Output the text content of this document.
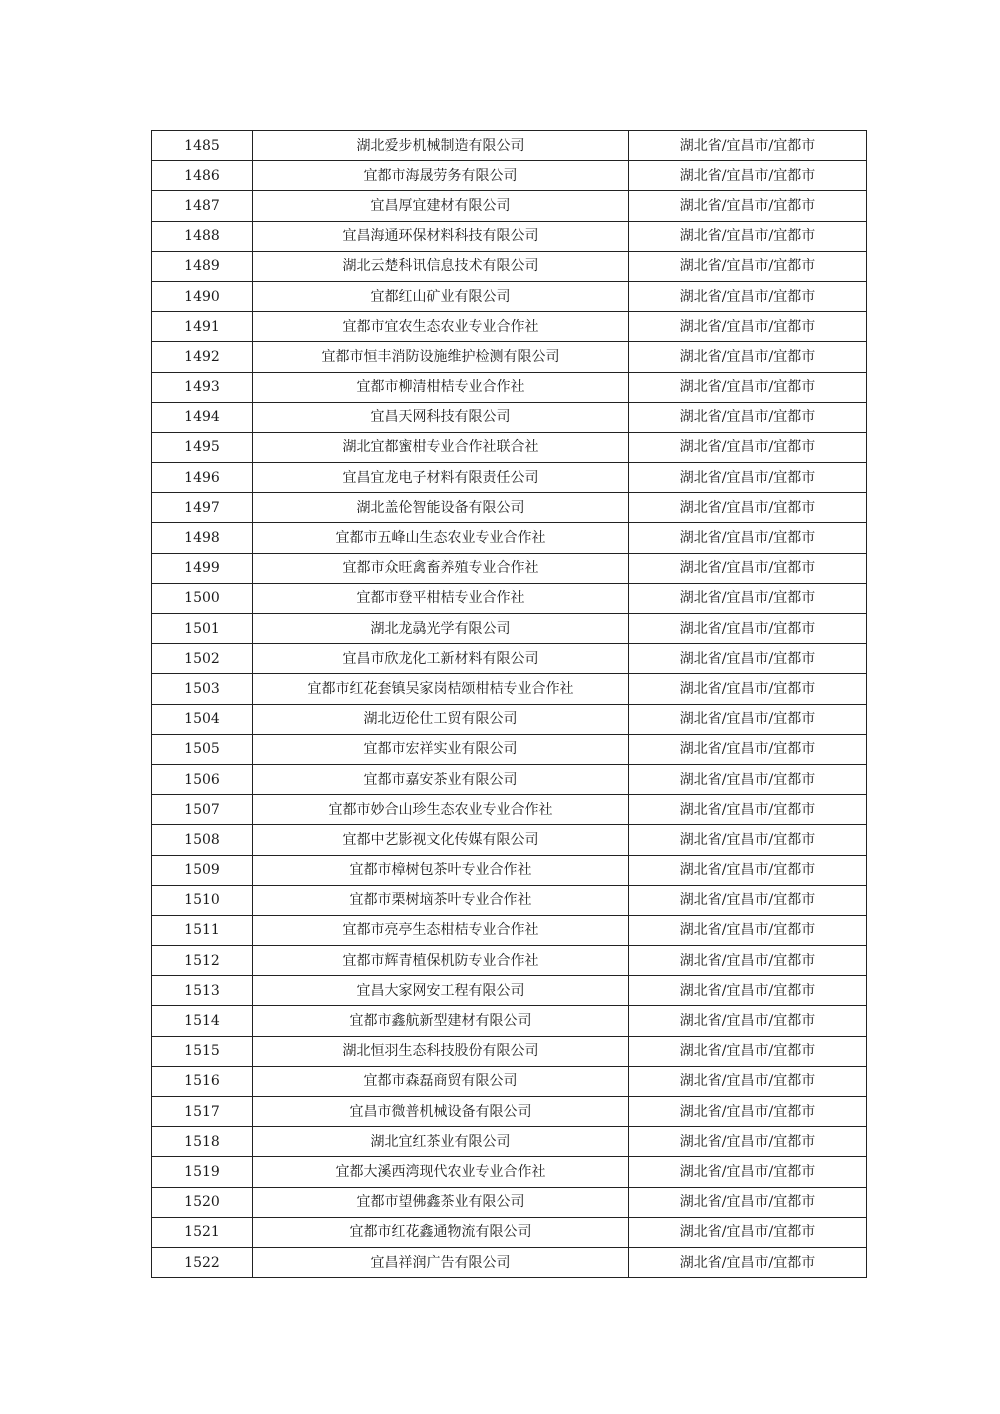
1485	湖北爱步机械制造有限公司	湖北省/宜昌市/宜都市
1486	宜都市海晟劳务有限公司	湖北省/宜昌市/宜都市
1487	宜昌厚宜建材有限公司	湖北省/宜昌市/宜都市
1488	宜昌海通环保材料科技有限公司	湖北省/宜昌市/宜都市
1489	湖北云楚科讯信息技术有限公司	湖北省/宜昌市/宜都市
1490	宜都红山矿业有限公司	湖北省/宜昌市/宜都市
1491	宜都市宜农生态农业专业合作社	湖北省/宜昌市/宜都市
1492	宜都市恒丰消防设施维护检测有限公司	湖北省/宜昌市/宜都市
1493	宜都市柳清柑桔专业合作社	湖北省/宜昌市/宜都市
1494	宜昌天网科技有限公司	湖北省/宜昌市/宜都市
1495	湖北宜都蜜柑专业合作社联合社	湖北省/宜昌市/宜都市
1496	宜昌宜龙电子材料有限责任公司	湖北省/宜昌市/宜都市
1497	湖北盖伦智能设备有限公司	湖北省/宜昌市/宜都市
1498	宜都市五峰山生态农业专业合作社	湖北省/宜昌市/宜都市
1499	宜都市众旺禽畜养殖专业合作社	湖北省/宜昌市/宜都市
1500	宜都市登平柑桔专业合作社	湖北省/宜昌市/宜都市
1501	湖北龙骉光学有限公司	湖北省/宜昌市/宜都市
1502	宜昌市欣龙化工新材料有限公司	湖北省/宜昌市/宜都市
1503	宜都市红花套镇吴家岗桔颂柑桔专业合作社	湖北省/宜昌市/宜都市
1504	湖北迈伦仕工贸有限公司	湖北省/宜昌市/宜都市
1505	宜都市宏祥实业有限公司	湖北省/宜昌市/宜都市
1506	宜都市嘉安茶业有限公司	湖北省/宜昌市/宜都市
1507	宜都市妙合山珍生态农业专业合作社	湖北省/宜昌市/宜都市
1508	宜都中艺影视文化传媒有限公司	湖北省/宜昌市/宜都市
1509	宜都市樟树包茶叶专业合作社	湖北省/宜昌市/宜都市
1510	宜都市栗树垴茶叶专业合作社	湖北省/宜昌市/宜都市
1511	宜都市亮亭生态柑桔专业合作社	湖北省/宜昌市/宜都市
1512	宜都市辉青植保机防专业合作社	湖北省/宜昌市/宜都市
1513	宜昌大家网安工程有限公司	湖北省/宜昌市/宜都市
1514	宜都市鑫航新型建材有限公司	湖北省/宜昌市/宜都市
1515	湖北恒羽生态科技股份有限公司	湖北省/宜昌市/宜都市
1516	宜都市森磊商贸有限公司	湖北省/宜昌市/宜都市
1517	宜昌市微普机械设备有限公司	湖北省/宜昌市/宜都市
1518	湖北宜红茶业有限公司	湖北省/宜昌市/宜都市
1519	宜都大溪西湾现代农业专业合作社	湖北省/宜昌市/宜都市
1520	宜都市望佛鑫茶业有限公司	湖北省/宜昌市/宜都市
1521	宜都市红花鑫通物流有限公司	湖北省/宜昌市/宜都市
1522	宜昌祥润广告有限公司	湖北省/宜昌市/宜都市
